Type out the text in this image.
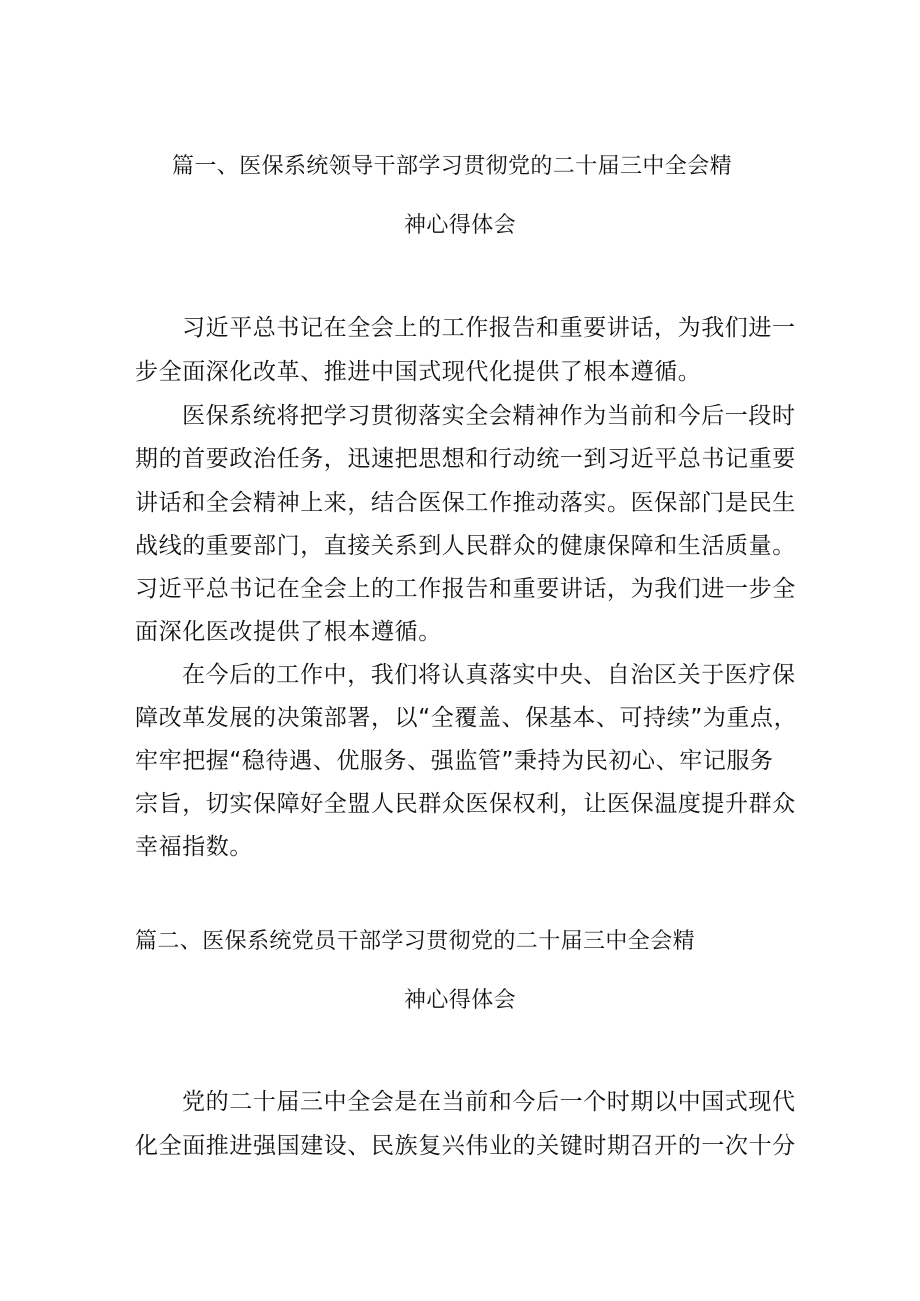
篇一、医保系统领导干部学习贯彻党的二十届三中全会精
神心得体会
习近平总书记在全会上的工作报告和重要讲话，为我们进一
步全面深化改革、推进中国式现代化提供了根本遵循。
医保系统将把学习贯彻落实全会精神作为当前和今后一段时
期的首要政治任务，迅速把思想和行动统一到习近平总书记重要
讲话和全会精神上来，结合医保工作推动落实。医保部门是民生
战线的重要部门，直接关系到人民群众的健康保障和生活质量。
习近平总书记在全会上的工作报告和重要讲话，为我们进一步全
面深化医改提供了根本遵循。
在今后的工作中，我们将认真落实中央、自治区关于医疗保
障改革发展的决策部署，以“全覆盖、保基本、可持续”为重点，
牢牢把握“稳待遇、优服务、强监管”秉持为民初心、牢记服务
宗旨，切实保障好全盟人民群众医保权利，让医保温度提升群众
幸福指数。
篇二、医保系统党员干部学习贯彻党的二十届三中全会精
神心得体会
党的二十届三中全会是在当前和今后一个时期以中国式现代
化全面推进强国建设、民族复兴伟业的关键时期召开的一次十分
